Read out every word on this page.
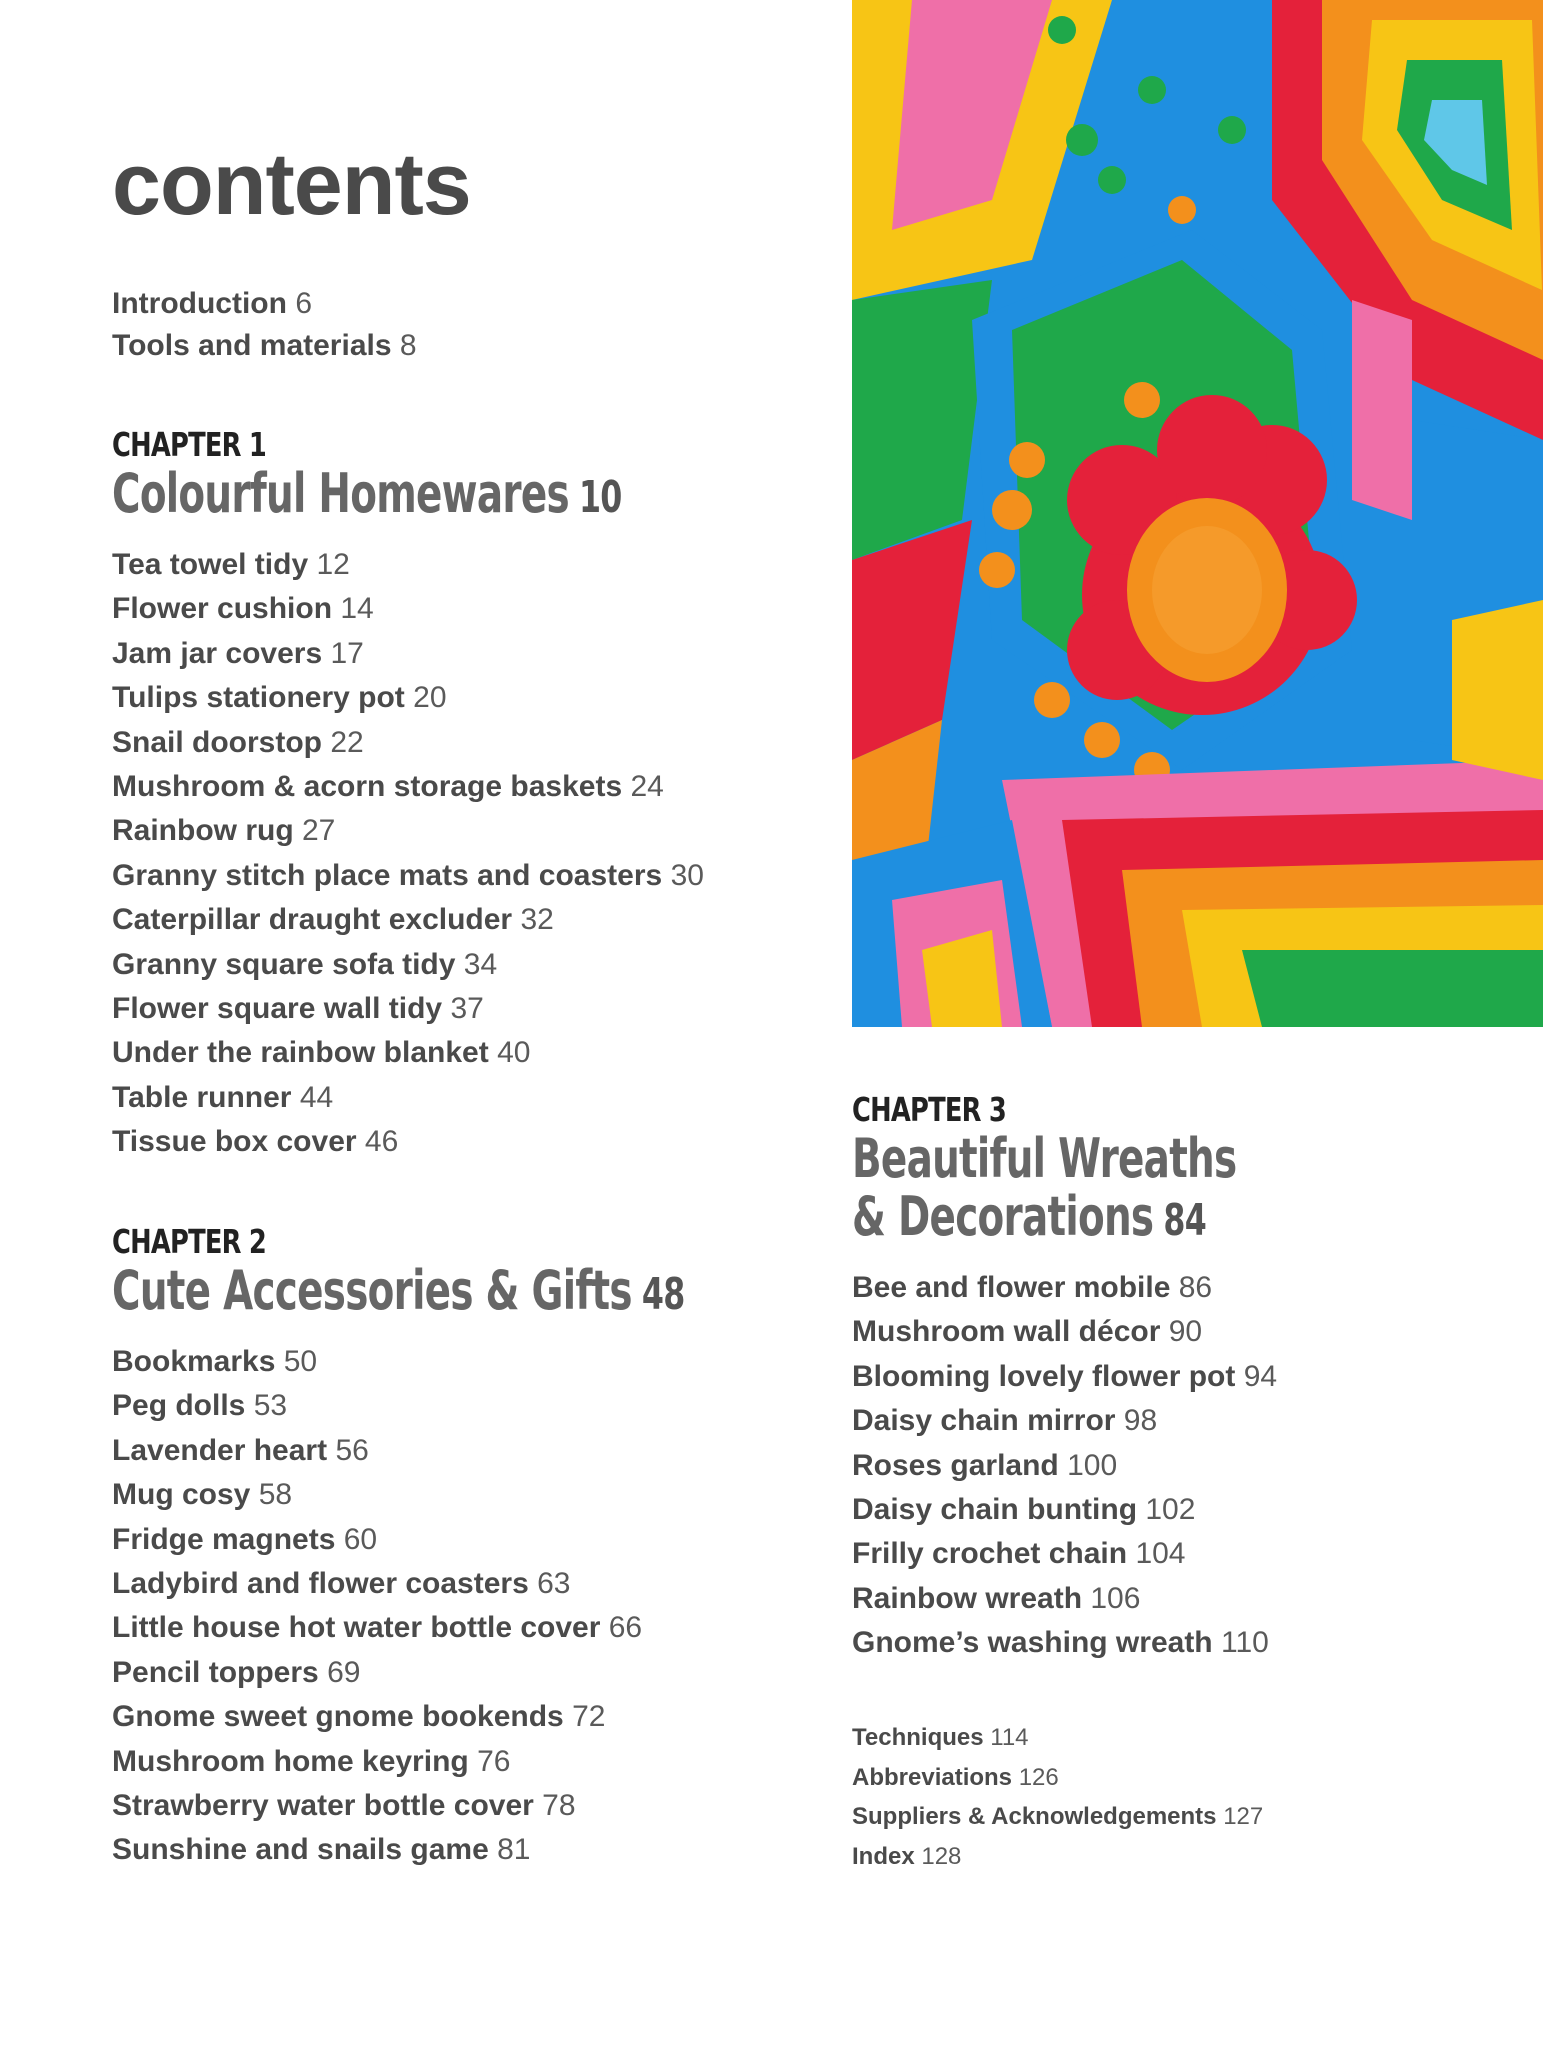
contents
Introduction 6
Tools and materials 8
CHAPTER 1
Colourful Homewares 10
Tea towel tidy 12
Flower cushion 14
Jam jar covers 17
Tulips stationery pot 20
Snail doorstop 22
Mushroom & acorn storage baskets 24
Rainbow rug 27
Granny stitch place mats and coasters 30
Caterpillar draught excluder 32
Granny square sofa tidy 34
Flower square wall tidy 37
Under the rainbow blanket 40
Table runner 44
Tissue box cover 46
CHAPTER 2
Cute Accessories & Gifts 48
Bookmarks 50
Peg dolls 53
Lavender heart 56
Mug cosy 58
Fridge magnets 60
Ladybird and flower coasters 63
Little house hot water bottle cover 66
Pencil toppers 69
Gnome sweet gnome bookends 72
Mushroom home keyring 76
Strawberry water bottle cover 78
Sunshine and snails game 81
CHAPTER 3
Beautiful Wreaths
& Decorations 84
Bee and flower mobile 86
Mushroom wall décor 90
Blooming lovely flower pot 94
Daisy chain mirror 98
Roses garland 100
Daisy chain bunting 102
Frilly crochet chain 104
Rainbow wreath 106
Gnome’s washing wreath 110
Techniques 114
Abbreviations 126
Suppliers & Acknowledgements 127
Index 128
